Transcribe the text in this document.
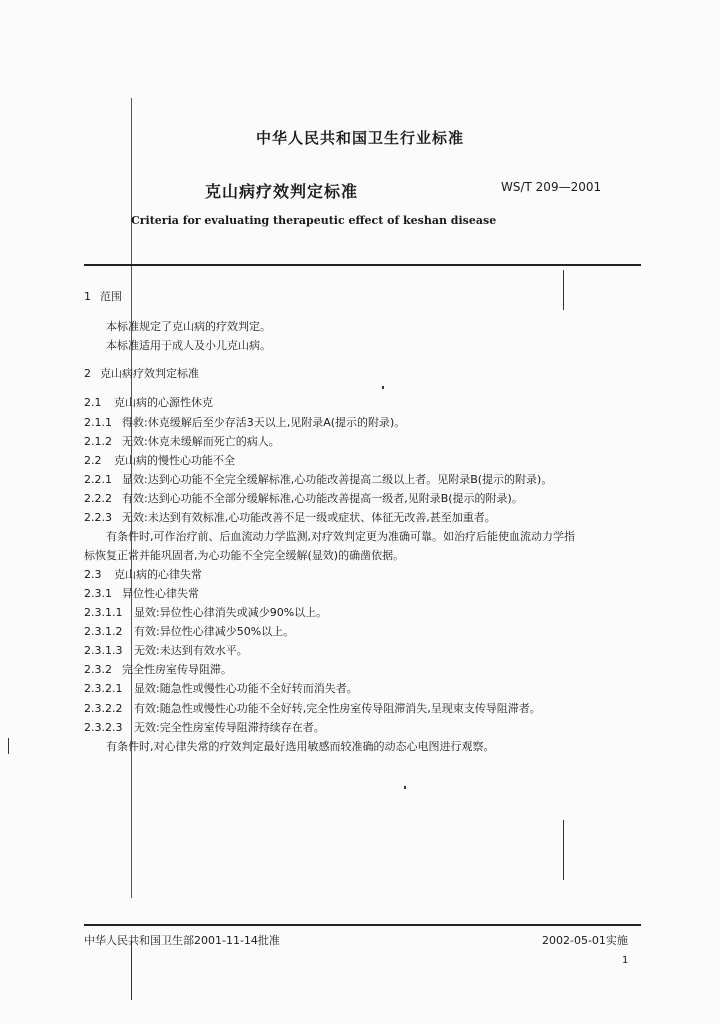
中华人民共和国卫生行业标准
克山病疗效判定标准	WS/T 209—2001
Criteria for evaluating therapeutic effect of keshan disease
1 范围
本标准规定了克山病的疗效判定。
本标准适用于成人及小儿克山病。
2 克山病疗效判定标准
2.1 克山病的心源性休克
2.1.1 得救:休克缓解后至少存活3天以上,见附录A(提示的附录)。
2.1.2 无效:休克未缓解而死亡的病人。
2.2 克山病的慢性心功能不全
2.2.1 显效:达到心功能不全完全缓解标准,心功能改善提高二级以上者。见附录B(提示的附录)。
2.2.2 有效:达到心功能不全部分缓解标准,心功能改善提高一级者,见附录B(提示的附录)。
2.2.3 无效:未达到有效标准,心功能改善不足一级或症状、体征无改善,甚至加重者。
有条件时,可作治疗前、后血流动力学监测,对疗效判定更为准确可靠。如治疗后能使血流动力学指
标恢复正常并能巩固者,为心功能不全完全缓解(显效)的确凿依据。
2.3 克山病的心律失常
2.3.1 异位性心律失常
2.3.1.1 显效:异位性心律消失或减少90%以上。
2.3.1.2 有效:异位性心律减少50%以上。
2.3.1.3 无效:未达到有效水平。
2.3.2 完全性房室传导阻滞。
2.3.2.1 显效:随急性或慢性心功能不全好转而消失者。
2.3.2.2 有效:随急性或慢性心功能不全好转,完全性房室传导阻滞消失,呈现束支传导阻滞者。
2.3.2.3 无效:完全性房室传导阻滞持续存在者。
有条件时,对心律失常的疗效判定最好选用敏感而较准确的动态心电图进行观察。
中华人民共和国卫生部2001-11-14批准	2002-05-01实施
1
